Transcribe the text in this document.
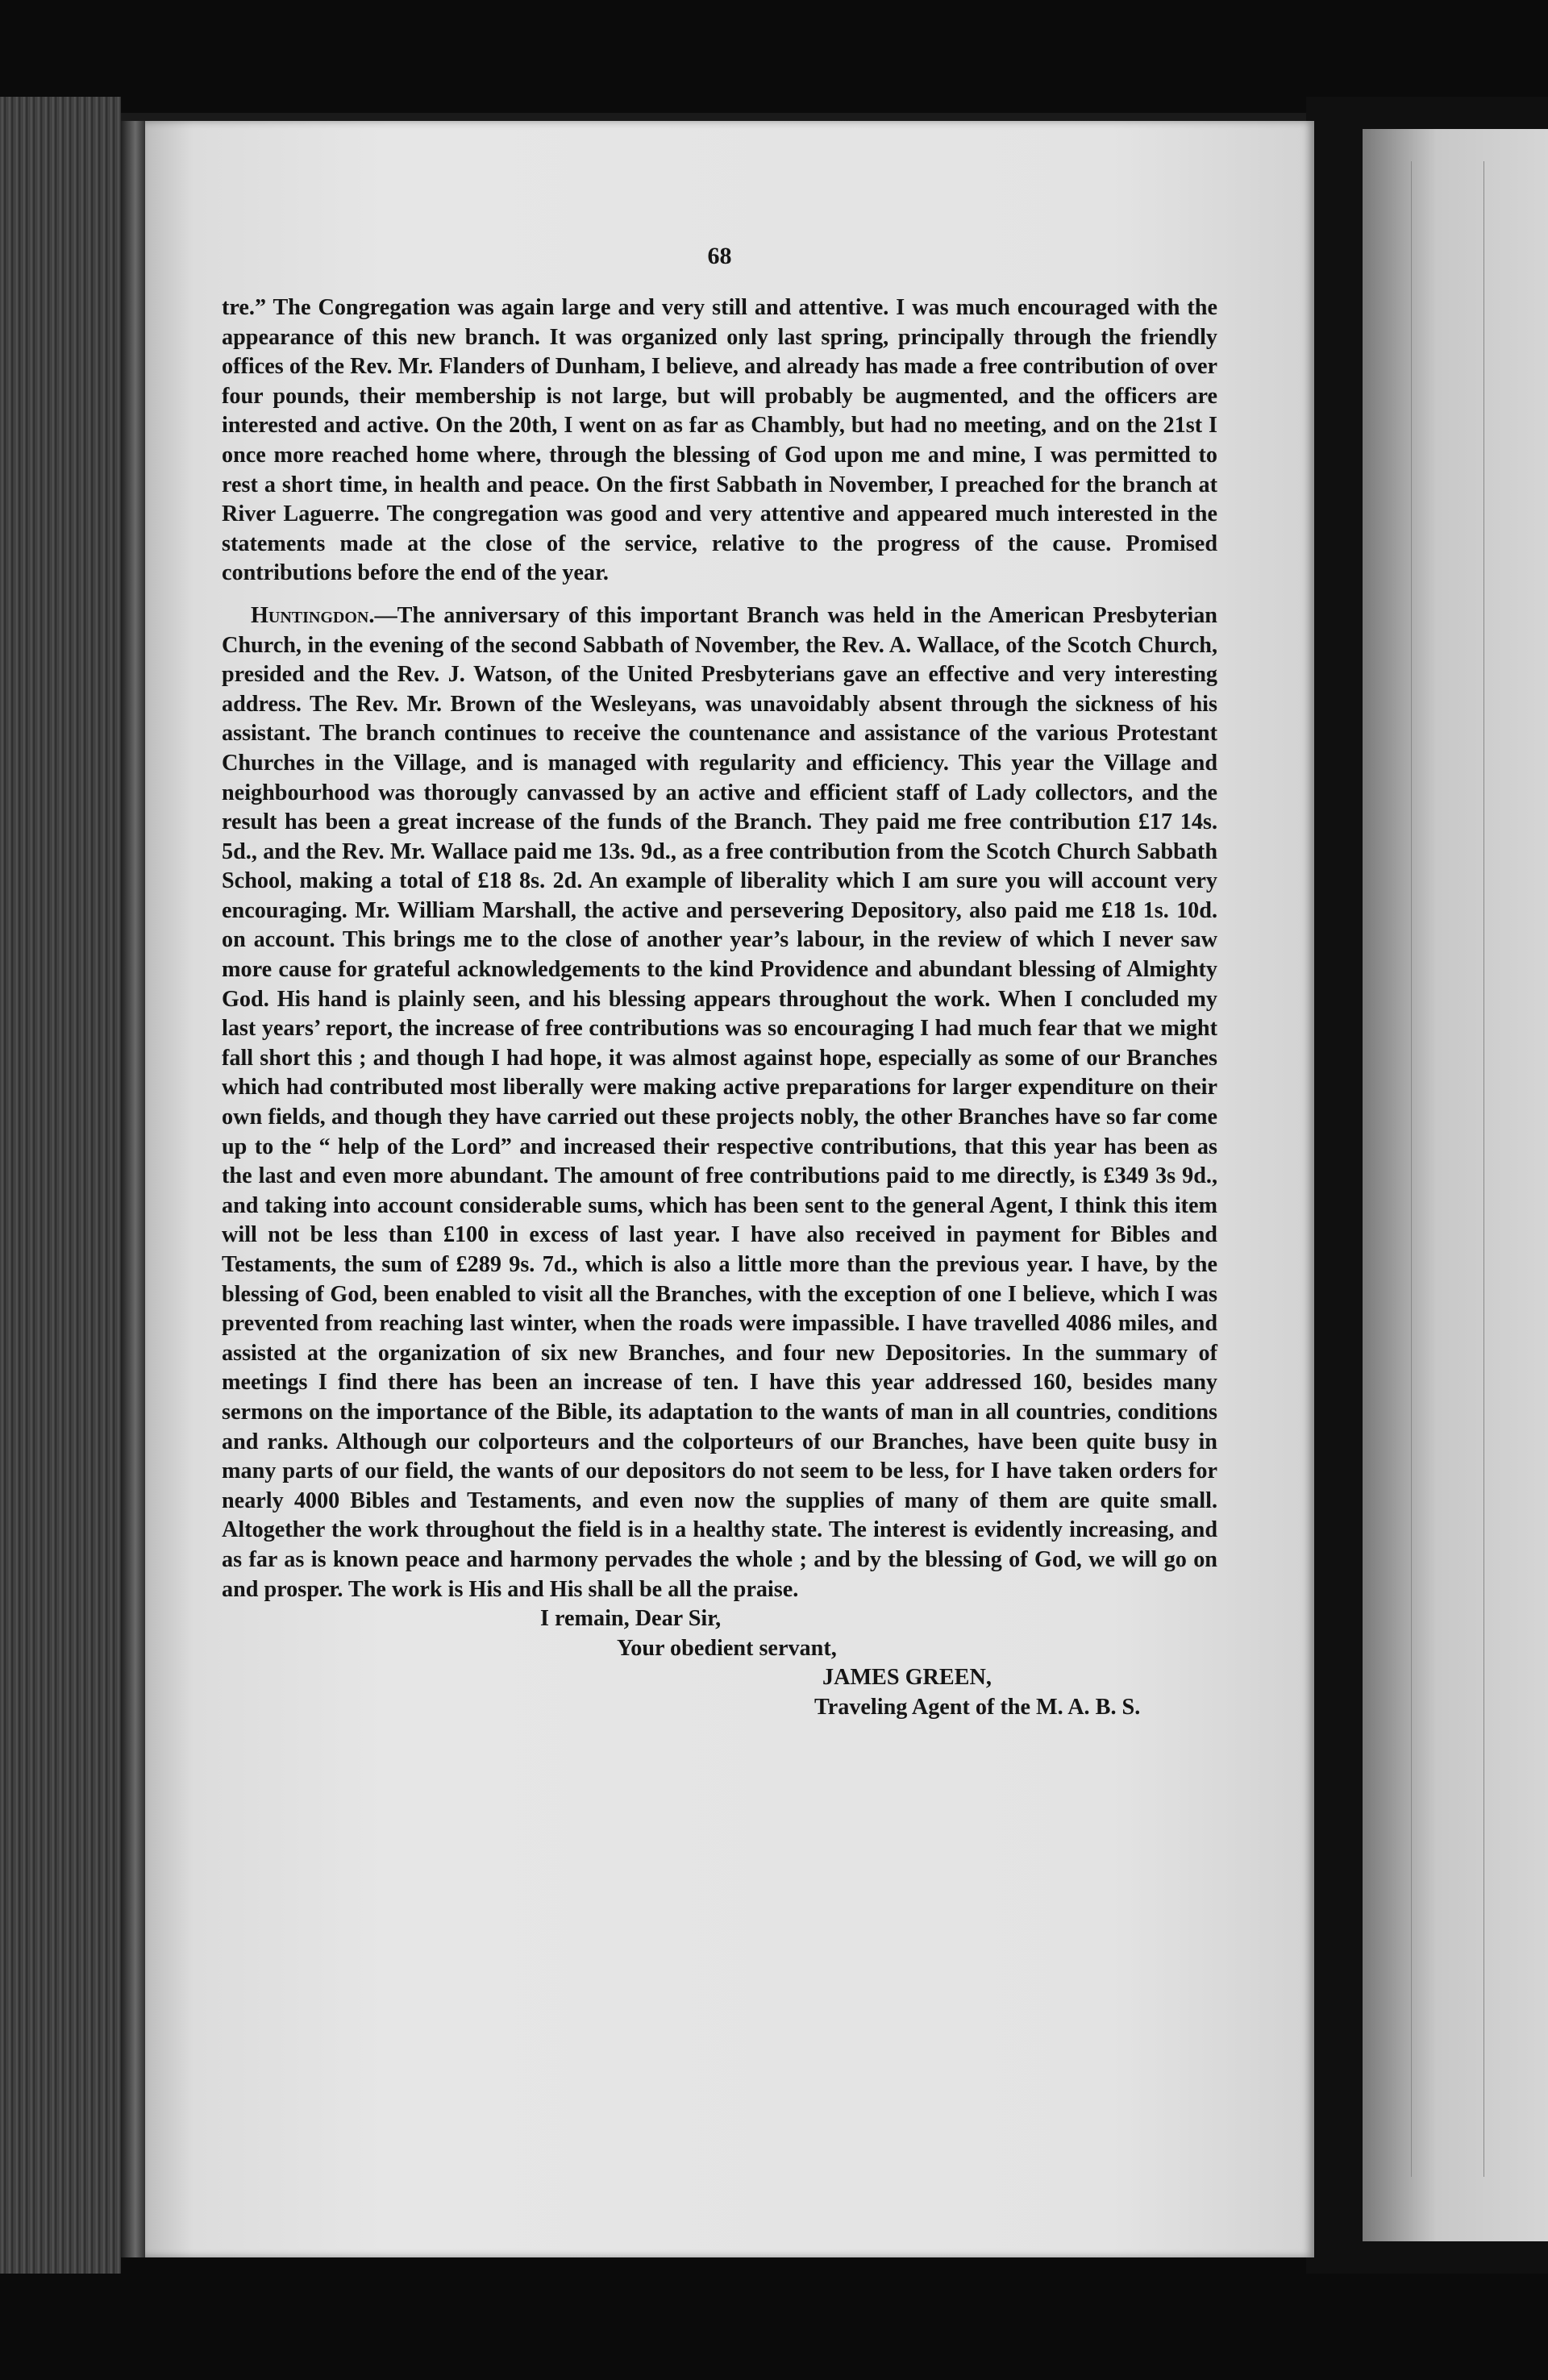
68

tre.” The Congregation was again large and very still and attentive. I was much encouraged with the appearance of this new branch. It was organized only last spring, principally through the friendly offices of the Rev. Mr. Flanders of Dunham, I believe, and already has made a free contribution of over four pounds, their membership is not large, but will probably be augmented, and the officers are interested and active. On the 20th, I went on as far as Chambly, but had no meeting, and on the 21st I once more reached home where, through the blessing of God upon me and mine, I was permitted to rest a short time, in health and peace. On the first Sabbath in November, I preached for the branch at River Laguerre. The congregation was good and very attentive and appeared much interested in the statements made at the close of the service, relative to the progress of the cause. Promised contributions before the end of the year.

Huntingdon.—The anniversary of this important Branch was held in the American Presbyterian Church, in the evening of the second Sabbath of November, the Rev. A. Wallace, of the Scotch Church, presided and the Rev. J. Watson, of the United Presbyterians gave an effective and very interesting address. The Rev. Mr. Brown of the Wesleyans, was unavoidably absent through the sickness of his assistant. The branch continues to receive the countenance and assistance of the various Protestant Churches in the Village, and is managed with regularity and efficiency. This year the Village and neighbourhood was thorougly canvassed by an active and efficient staff of Lady collectors, and the result has been a great increase of the funds of the Branch. They paid me free contribution £17 14s. 5d., and the Rev. Mr. Wallace paid me 13s. 9d., as a free contribution from the Scotch Church Sabbath School, making a total of £18 8s. 2d. An example of liberality which I am sure you will account very encouraging. Mr. William Marshall, the active and persevering Depository, also paid me £18 1s. 10d. on account. This brings me to the close of another year’s labour, in the review of which I never saw more cause for grateful acknowledgements to the kind Providence and abundant blessing of Almighty God. His hand is plainly seen, and his blessing appears throughout the work. When I concluded my last years’ report, the increase of free contributions was so encouraging I had much fear that we might fall short this ; and though I had hope, it was almost against hope, especially as some of our Branches which had contributed most liberally were making active preparations for larger expenditure on their own fields, and though they have carried out these projects nobly, the other Branches have so far come up to the “ help of the Lord” and increased their respective contributions, that this year has been as the last and even more abundant. The amount of free contributions paid to me directly, is £349 3s 9d., and taking into account considerable sums, which has been sent to the general Agent, I think this item will not be less than £100 in excess of last year. I have also received in payment for Bibles and Testaments, the sum of £289 9s. 7d., which is also a little more than the previous year. I have, by the blessing of God, been enabled to visit all the Branches, with the exception of one I believe, which I was prevented from reaching last winter, when the roads were impassible. I have travelled 4086 miles, and assisted at the organization of six new Branches, and four new Depositories. In the summary of meetings I find there has been an increase of ten. I have this year addressed 160, besides many sermons on the importance of the Bible, its adaptation to the wants of man in all countries, conditions and ranks. Although our colporteurs and the colporteurs of our Branches, have been quite busy in many parts of our field, the wants of our depositors do not seem to be less, for I have taken orders for nearly 4000 Bibles and Testaments, and even now the supplies of many of them are quite small. Altogether the work throughout the field is in a healthy state. The interest is evidently increasing, and as far as is known peace and harmony pervades the whole ; and by the blessing of God, we will go on and prosper. The work is His and His shall be all the praise.

I remain, Dear Sir,
Your obedient servant,
JAMES GREEN,
Traveling Agent of the M. A. B. S.
